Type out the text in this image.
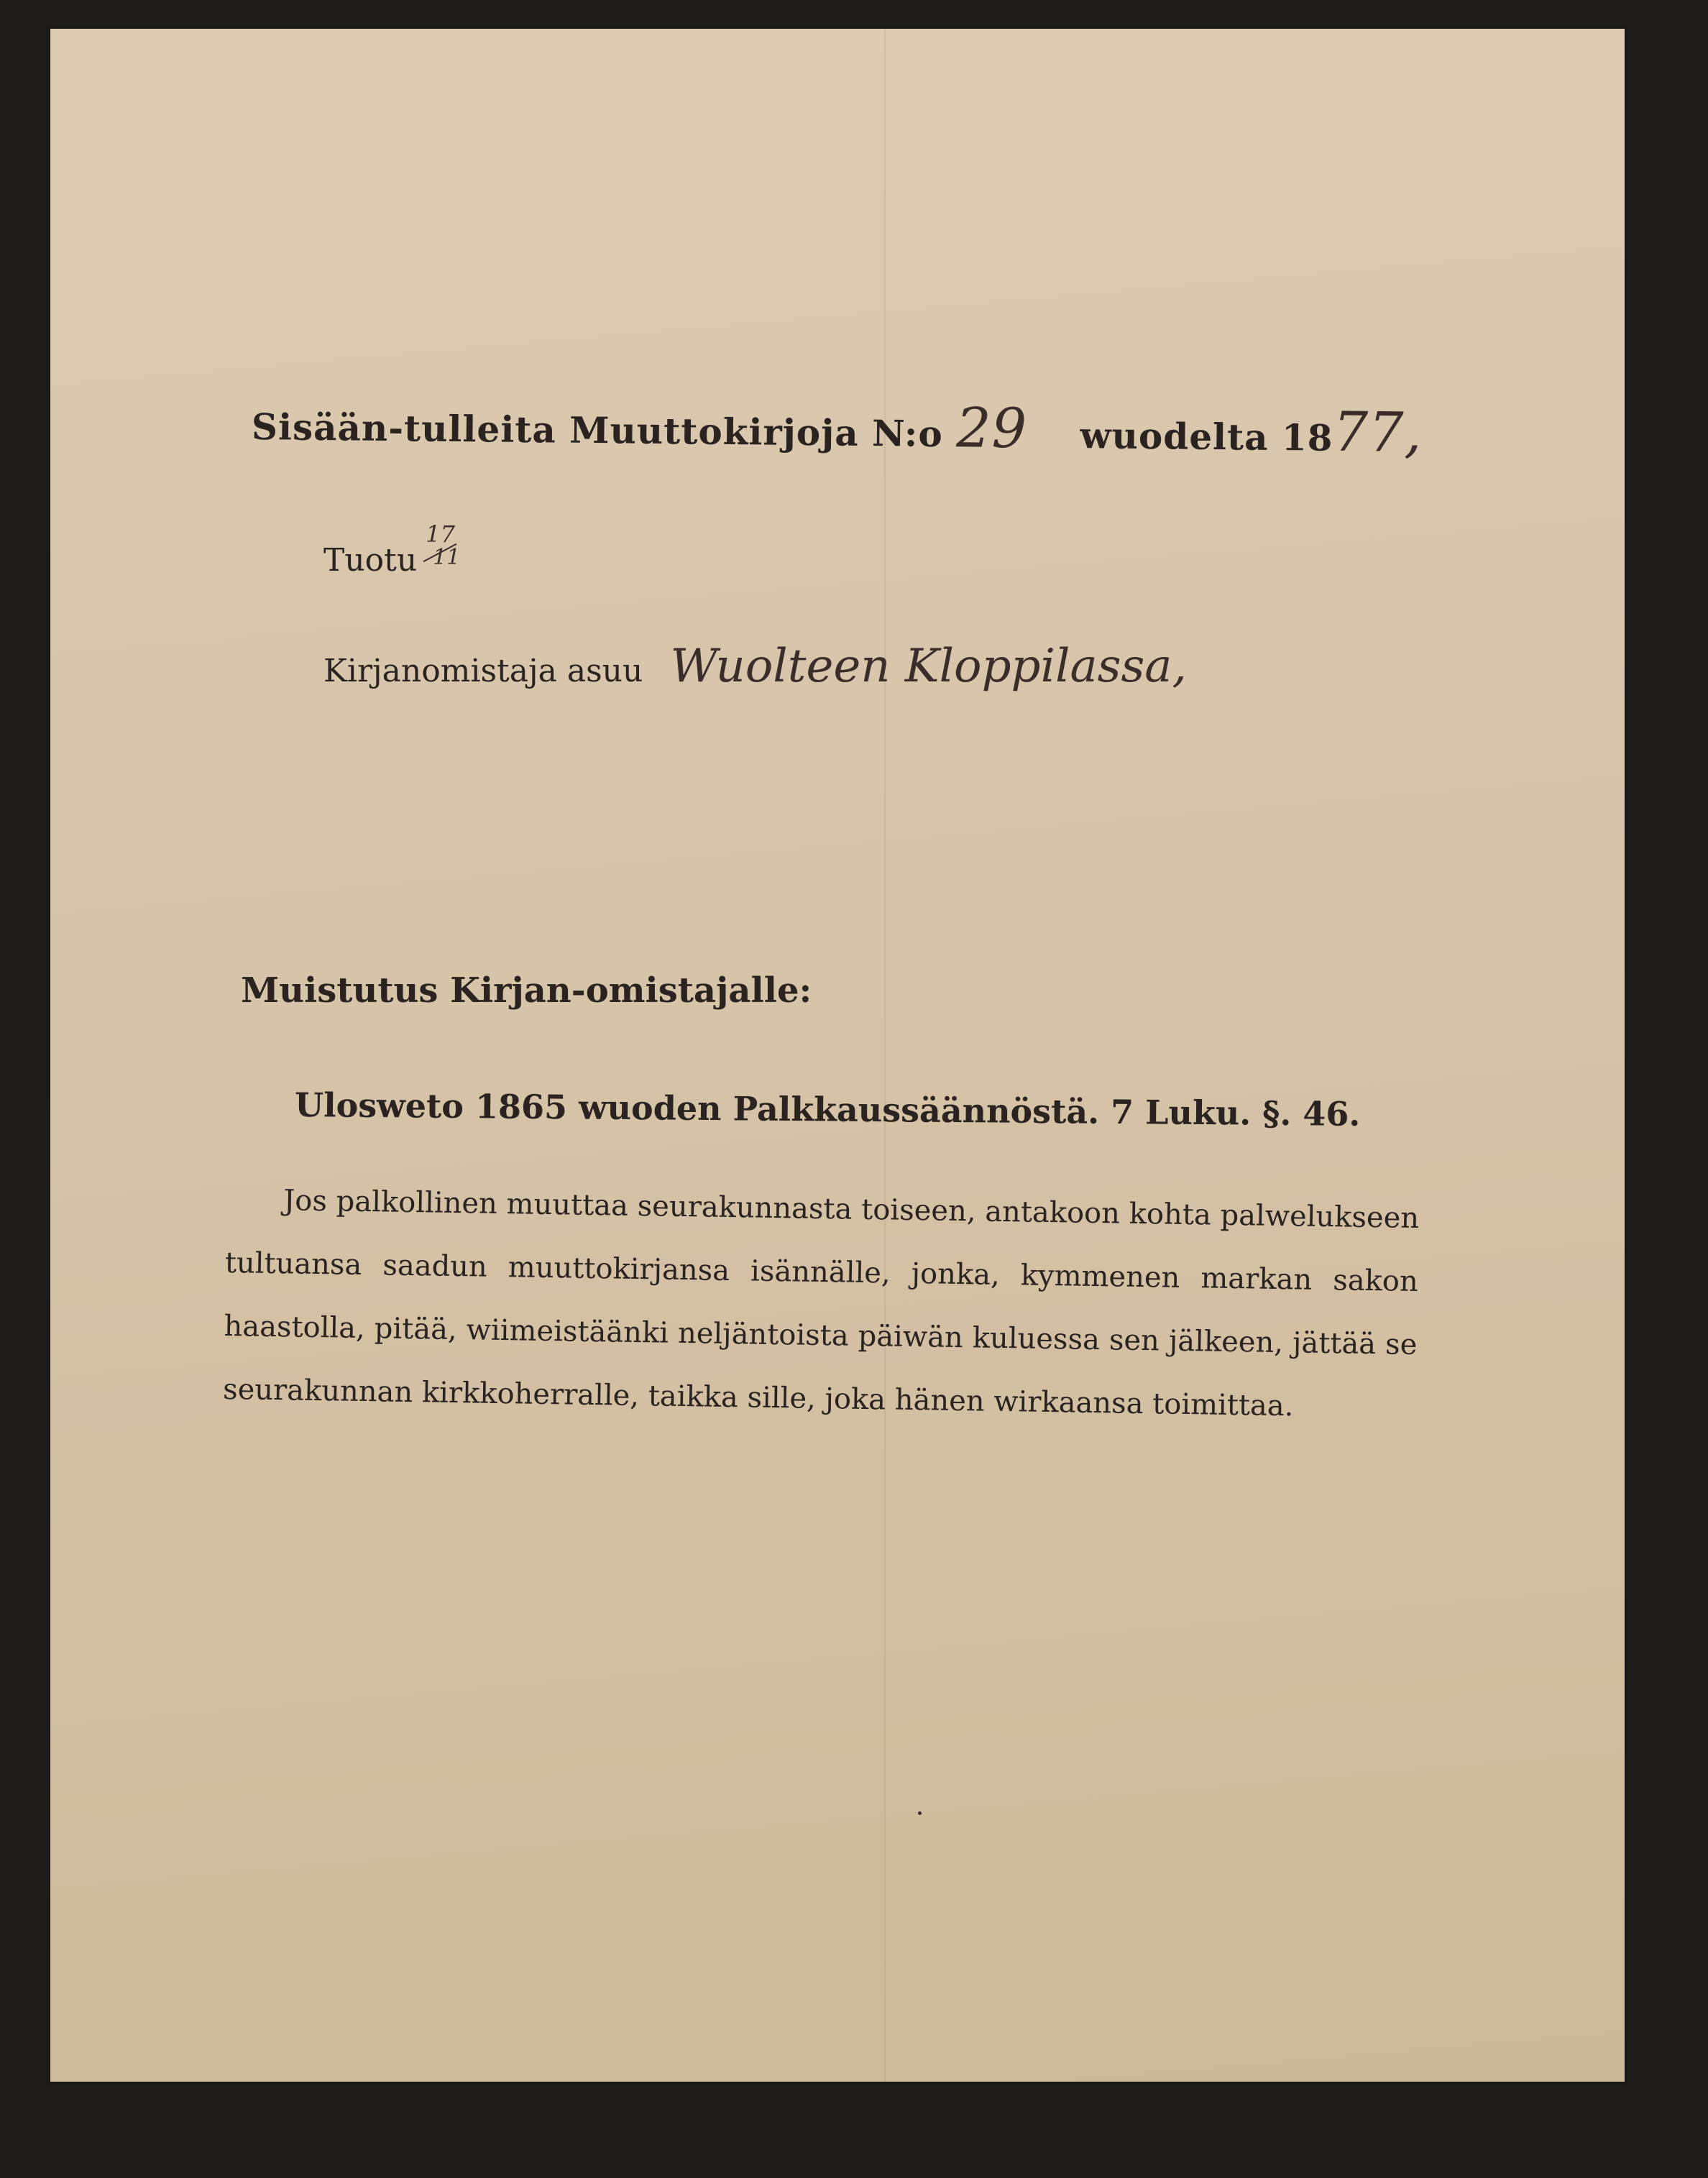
Sisään-tulleita Muuttokirjoja N:o 29 wuodelta 1877,
Tuotu
17
11
Kirjanomistaja asuu Wuolteen Kloppilassa,
Muistutus Kirjan-omistajalle:
Ulosweto 1865 wuoden Palkkaussäännöstä. 7 Luku. §. 46.

Jos palkollinen muuttaa seurakunnasta toiseen, antakoon kohta palwelukseen tultuansa saadun muuttokirjansa isännälle, jonka, kymmenen markan sakon haastolla, pitää, wiimeistäänki neljäntoista päiwän kuluessa sen jälkeen, jättää se seurakunnan kirkkoherralle, taikka sille, joka hänen wirkaansa toimittaa.
